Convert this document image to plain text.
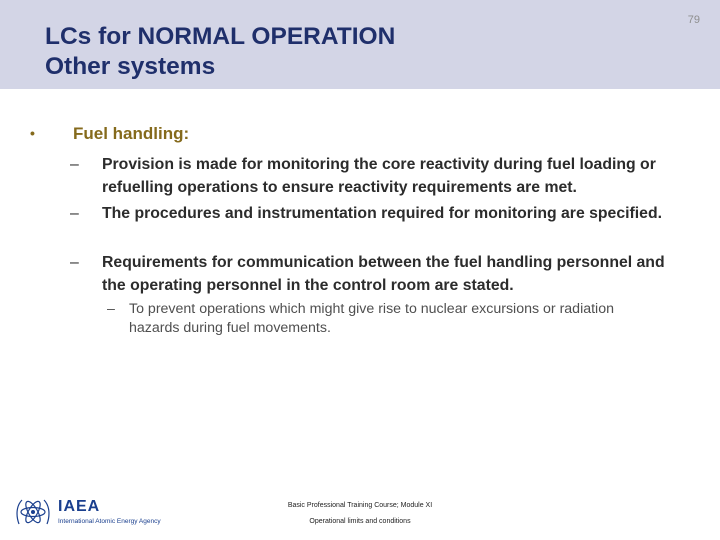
LCs for NORMAL OPERATION
Other systems
79
• Fuel handling:
– Provision is made for monitoring the core reactivity during fuel loading or refuelling operations to ensure reactivity requirements are met.
– The procedures and instrumentation required for monitoring are specified.
– Requirements for communication between the fuel handling personnel and the operating personnel in the control room are stated.
– To prevent operations which might give rise to nuclear excursions or radiation hazards during fuel movements.
IAEA
International Atomic Energy Agency
Basic Professional Training Course; Module XI
Operational limits and conditions
